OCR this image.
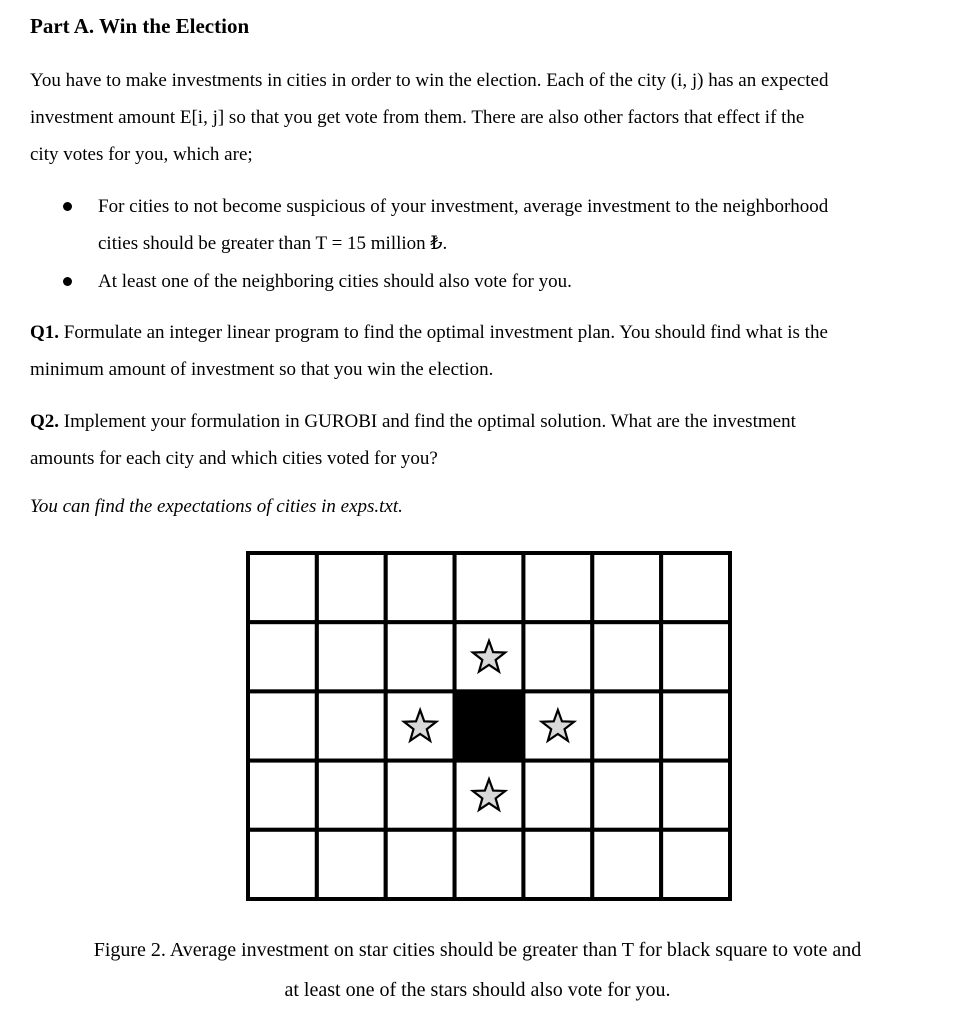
Part A. Win the Election

You have to make investments in cities in order to win the election. Each of the city (i, j) has an expected

investment amount E[i, j] so that you get vote from them. There are also other factors that effect if the

city votes for you, which are;

For cities to not become suspicious of your investment, average investment to the neighborhood
cities should be greater than T = 15 million ₺.
At least one of the neighboring cities should also vote for you.

Q1. Formulate an integer linear program to find the optimal investment plan. You should find what is the

minimum amount of investment so that you win the election.

Q2. Implement your formulation in GUROBI and find the optimal solution. What are the investment

amounts for each city and which cities voted for you?

You can find the expectations of cities in exps.txt.

Figure 2. Average investment on star cities should be greater than T for black square to vote and

at least one of the stars should also vote for you.
